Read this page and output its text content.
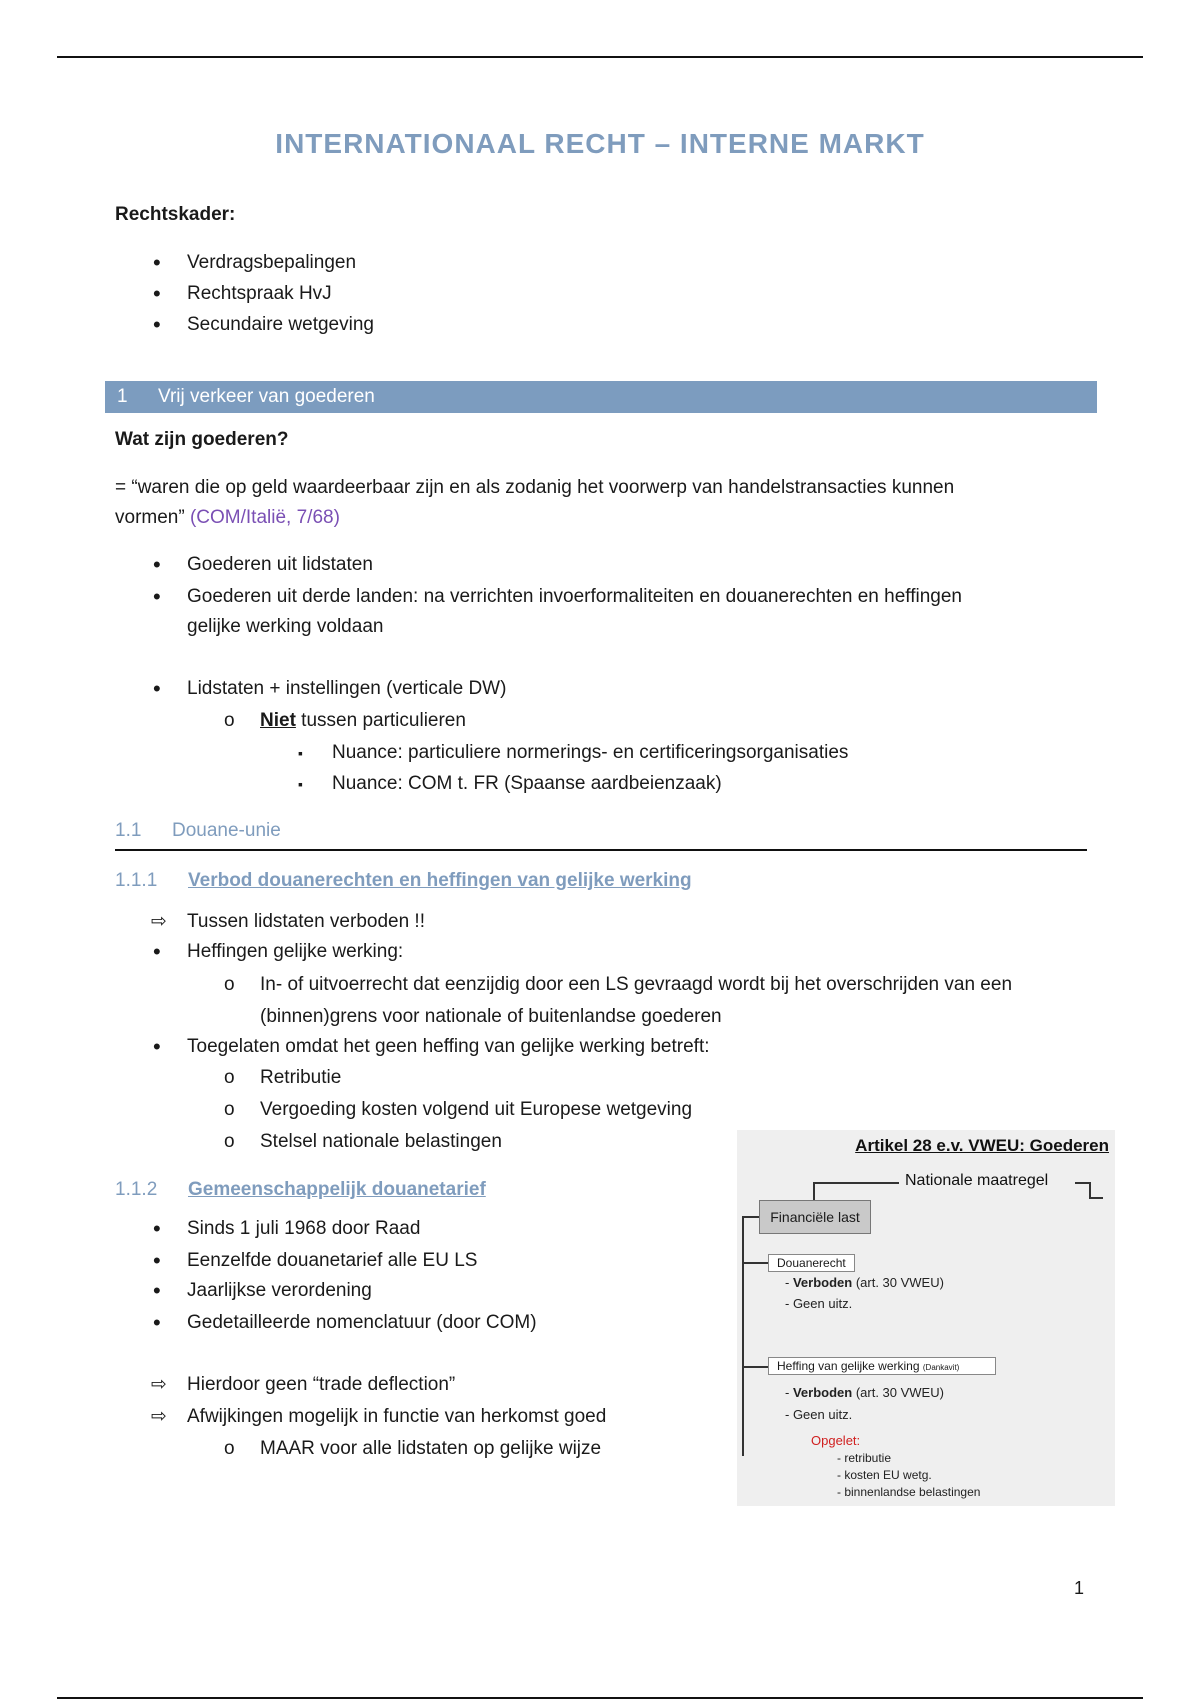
INTERNATIONAAL RECHT – INTERNE MARKT
Rechtskader:
• Verdragsbepalingen
• Rechtspraak HvJ
• Secundaire wetgeving
1 Vrij verkeer van goederen
Wat zijn goederen?
= “waren die op geld waardeerbaar zijn en als zodanig het voorwerp van handelstransacties kunnen
vormen” (COM/Italië, 7/68)
• Goederen uit lidstaten
• Goederen uit derde landen: na verrichten invoerformaliteiten en douanerechten en heffingen
gelijke werking voldaan
• Lidstaten + instellingen (verticale DW)
o Niet tussen particulieren
▪ Nuance: particuliere normerings- en certificeringsorganisaties
▪ Nuance: COM t. FR (Spaanse aardbeienzaak)
1.1 Douane-unie
1.1.1 Verbod douanerechten en heffingen van gelijke werking
⇨ Tussen lidstaten verboden !!
• Heffingen gelijke werking:
o In- of uitvoerrecht dat eenzijdig door een LS gevraagd wordt bij het overschrijden van een
(binnen)grens voor nationale of buitenlandse goederen
• Toegelaten omdat het geen heffing van gelijke werking betreft:
o Retributie
o Vergoeding kosten volgend uit Europese wetgeving
o Stelsel nationale belastingen
1.1.2 Gemeenschappelijk douanetarief
• Sinds 1 juli 1968 door Raad
• Eenzelfde douanetarief alle EU LS
• Jaarlijkse verordening
• Gedetailleerde nomenclatuur (door COM)
⇨ Hierdoor geen “trade deflection”
⇨ Afwijkingen mogelijk in functie van herkomst goed
o MAAR voor alle lidstaten op gelijke wijze
Artikel 28 e.v. VWEU: Goederen
Nationale maatregel
Financiële last
Douanerecht
- Verboden (art. 30 VWEU)
- Geen uitz.
Heffing van gelijke werking (Dankavit)
- Verboden (art. 30 VWEU)
- Geen uitz.
Opgelet:
- retributie
- kosten EU wetg.
- binnenlandse belastingen
1
